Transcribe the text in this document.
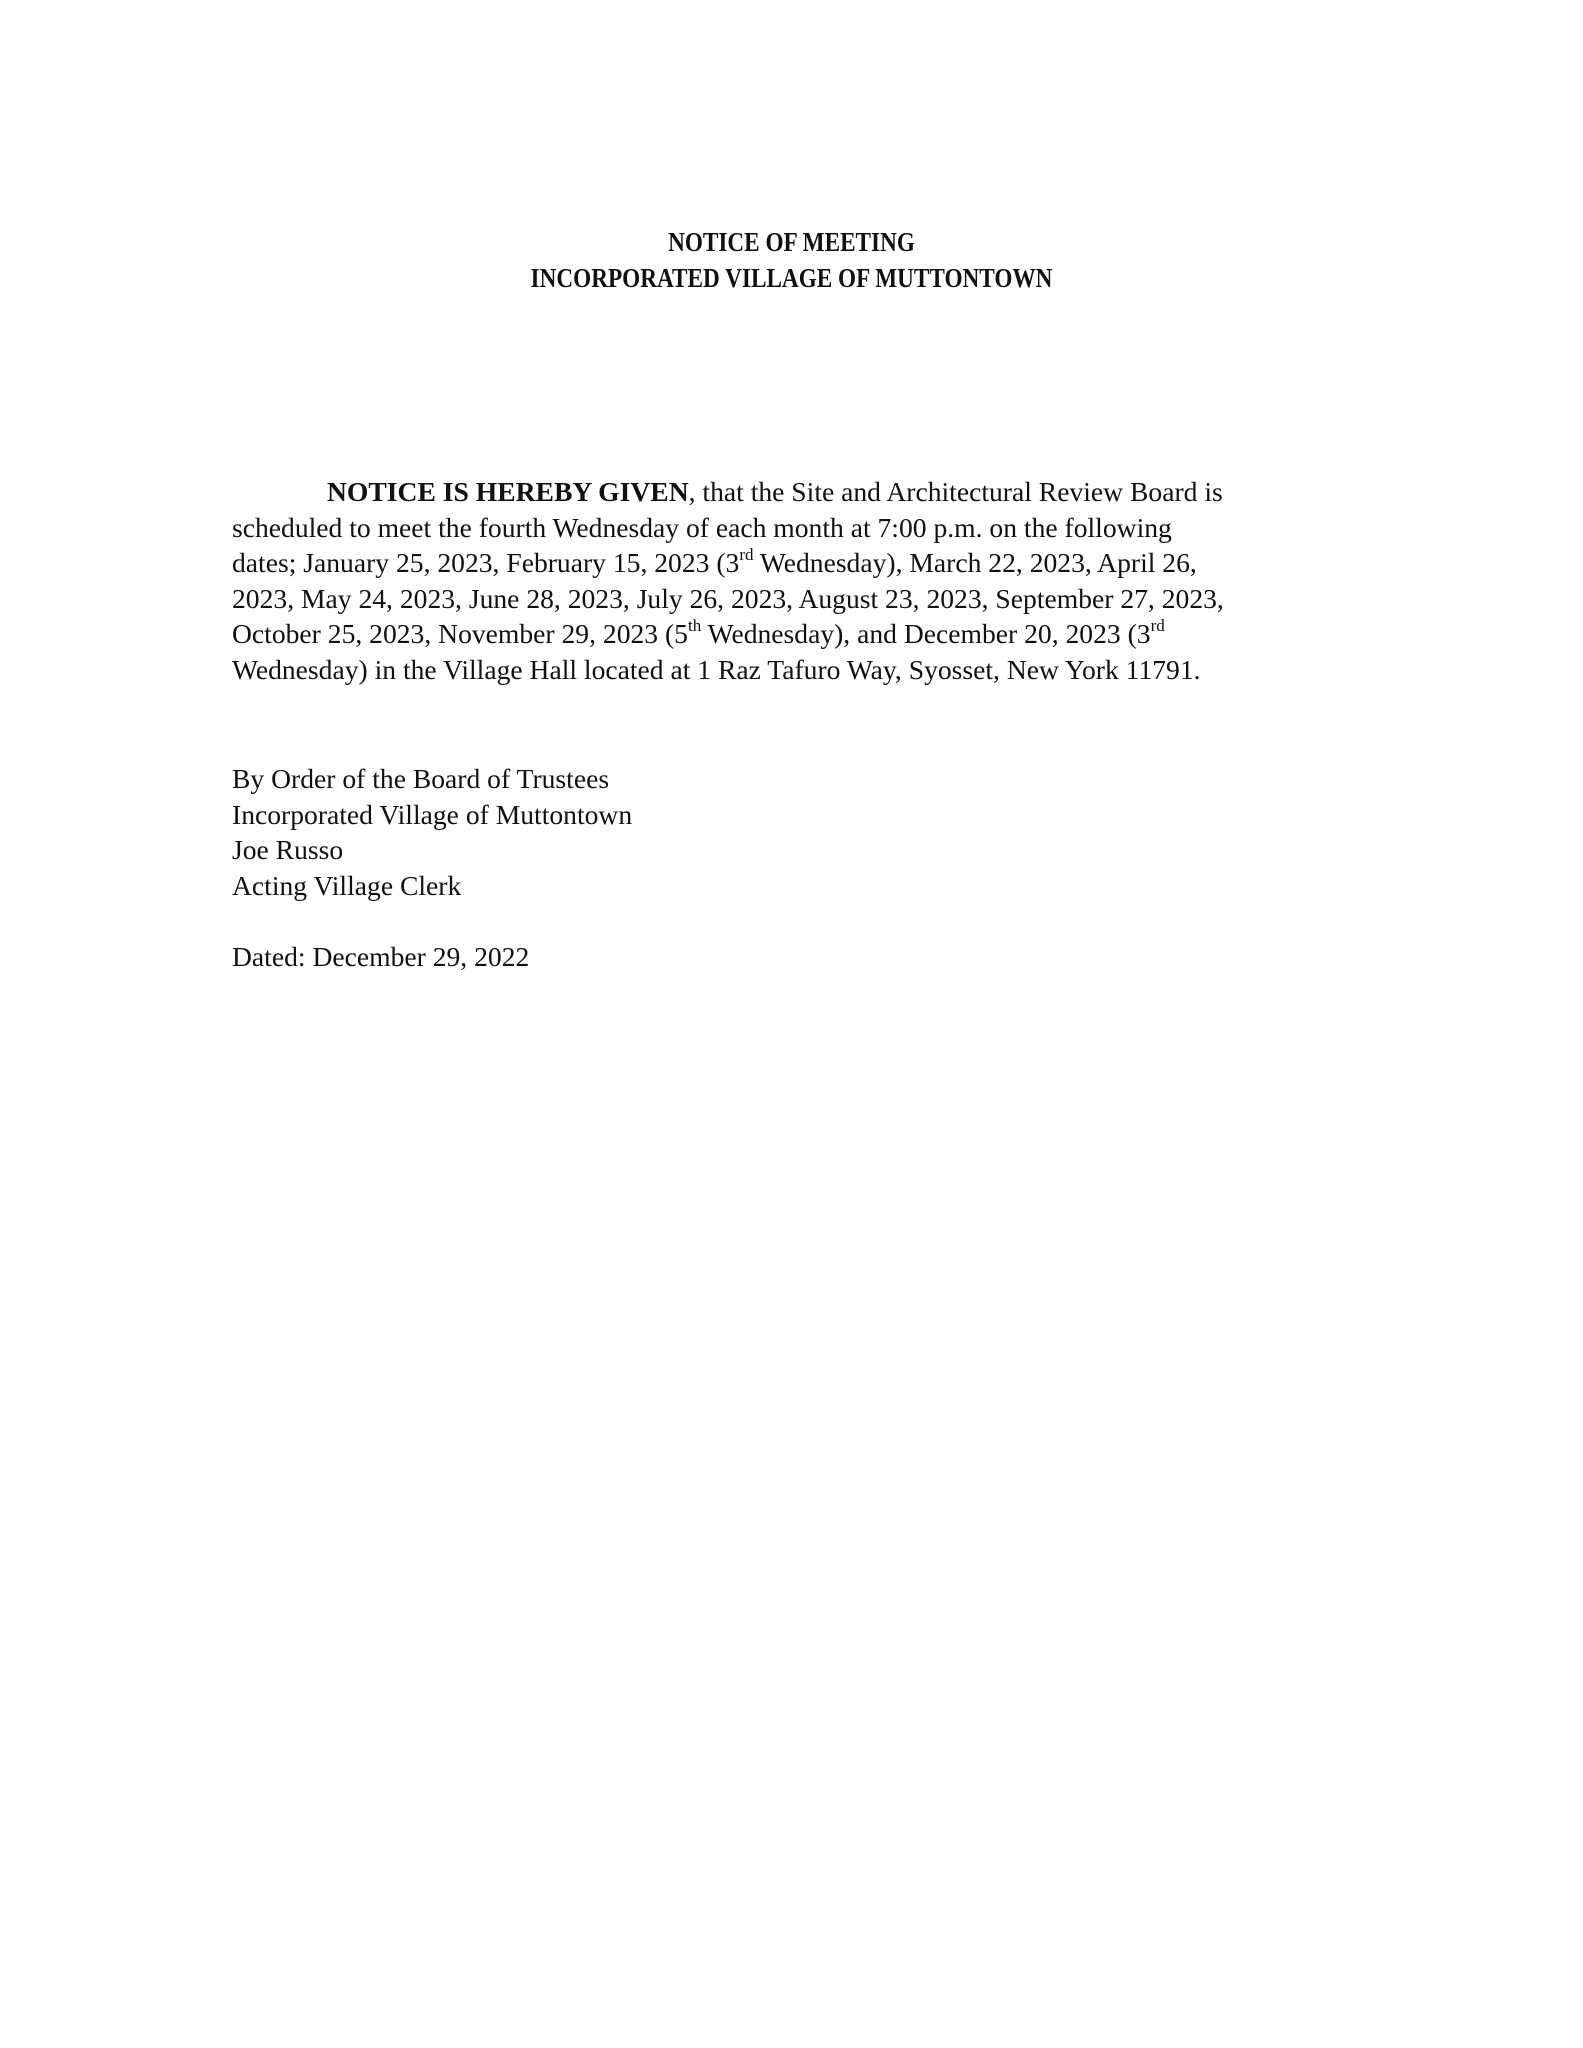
NOTICE OF MEETING
INCORPORATED VILLAGE OF MUTTONTOWN
NOTICE IS HEREBY GIVEN, that the Site and Architectural Review Board is
scheduled to meet the fourth Wednesday of each month at 7:00 p.m. on the following
dates; January 25, 2023, February 15, 2023 (3rd Wednesday), March 22, 2023, April 26,
2023, May 24, 2023, June 28, 2023, July 26, 2023, August 23, 2023, September 27, 2023,
October 25, 2023, November 29, 2023 (5th Wednesday), and December 20, 2023 (3rd
Wednesday) in the Village Hall located at 1 Raz Tafuro Way, Syosset, New York 11791.
By Order of the Board of Trustees
Incorporated Village of Muttontown
Joe Russo
Acting Village Clerk
Dated: December 29, 2022
